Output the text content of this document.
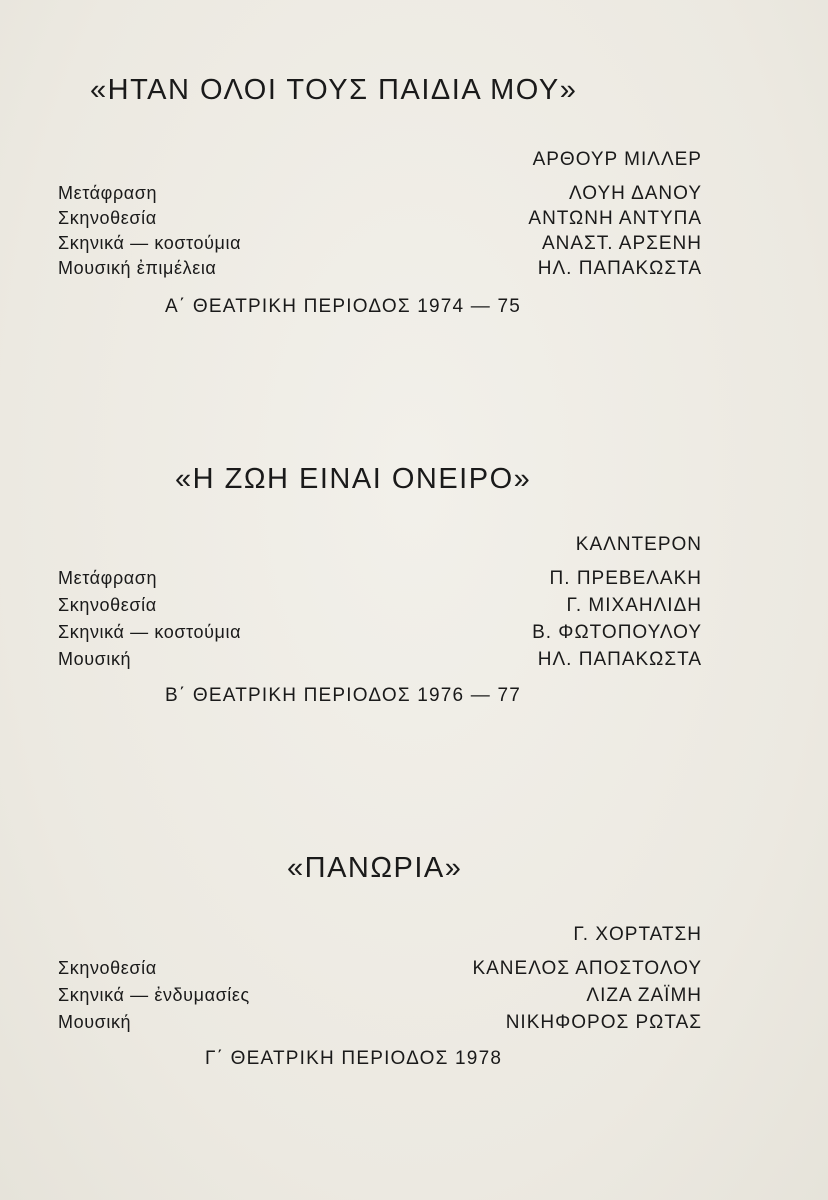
«ΗΤΑΝ ΟΛΟΙ ΤΟΥΣ ΠΑΙΔΙΑ ΜΟΥ»
ΑΡΘΟΥΡ ΜΙΛΛΕΡ
Μετάφραση	ΛΟΥΗ ΔΑΝΟΥ
Σκηνοθεσία	ΑΝΤΩΝΗ ΑΝΤΥΠΑ
Σκηνικά — κοστούμια	ΑΝΑΣΤ. ΑΡΣΕΝΗ
Μουσική ἐπιμέλεια	ΗΛ. ΠΑΠΑΚΩΣΤΑ
Α΄ ΘΕΑΤΡΙΚΗ ΠΕΡΙΟΔΟΣ 1974 — 75
«Η ΖΩΗ ΕΙΝΑΙ ΟΝΕΙΡΟ»
ΚΑΛΝΤΕΡΟΝ
Μετάφραση	Π. ΠΡΕΒΕΛΑΚΗ
Σκηνοθεσία	Γ. ΜΙΧΑΗΛΙΔΗ
Σκηνικά — κοστούμια	Β. ΦΩΤΟΠΟΥΛΟΥ
Μουσική	ΗΛ. ΠΑΠΑΚΩΣΤΑ
Β΄ ΘΕΑΤΡΙΚΗ ΠΕΡΙΟΔΟΣ 1976 — 77
«ΠΑΝΩΡΙΑ»
Γ. ΧΟΡΤΑΤΣΗ
Σκηνοθεσία	ΚΑΝΕΛΟΣ ΑΠΟΣΤΟΛΟΥ
Σκηνικά — ἐνδυμασίες	ΛΙΖΑ ΖΑΪΜΗ
Μουσική	ΝΙΚΗΦΟΡΟΣ ΡΩΤΑΣ
Γ΄ ΘΕΑΤΡΙΚΗ ΠΕΡΙΟΔΟΣ 1978
